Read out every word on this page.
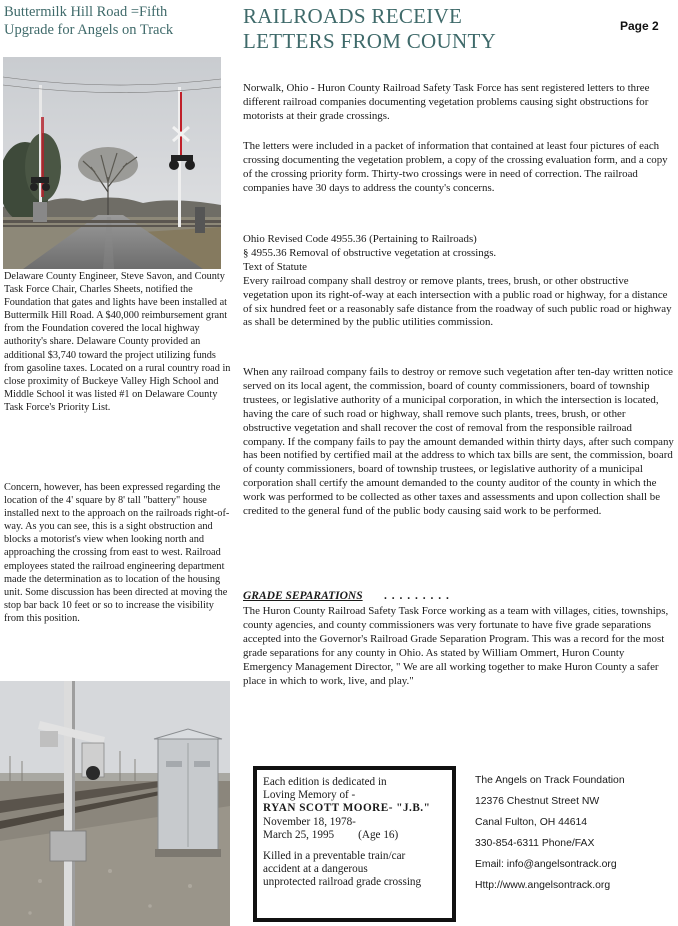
Buttermilk Hill Road =Fifth
Upgrade for Angels on Track
RAILROADS RECEIVE
LETTERS FROM COUNTY
Page 2

Delaware County Engineer, Steve Savon, and County Task Force Chair, Charles Sheets, notified the Foundation that gates and lights have been installed at Buttermilk Hill Road. A $40,000 reimbursement grant from the Foundation covered the local highway authority's share. Delaware County provided an additional $3,740 toward the project utilizing funds from gasoline taxes. Located on a rural country road in close proximity of Buckeye Valley High School and Middle School it was listed #1 on Delaware County Task Force's Priority List.

Concern, however, has been expressed regarding the location of the 4' square by 8' tall "battery" house installed next to the approach on the railroads right-of-way. As you can see, this is a sight obstruction and blocks a motorist's view when looking north and approaching the crossing from east to west. Railroad employees stated the railroad engineering department made the determination as to location of the housing unit. Some discussion has been directed at moving the stop bar back 10 feet or so to increase the visibility from this position.

Norwalk, Ohio - Huron County Railroad Safety Task Force has sent registered letters to three different railroad companies documenting vegetation problems causing sight obstructions for motorists at their grade crossings.

The letters were included in a packet of information that contained at least four pictures of each crossing documenting the vegetation problem, a copy of the crossing evaluation form, and a copy of the crossing priority form. Thirty-two crossings were in need of correction. The railroad companies have 30 days to address the county's concerns.

Ohio Revised Code 4955.36 (Pertaining to Railroads)
§ 4955.36 Removal of obstructive vegetation at crossings.
Text of Statute
Every railroad company shall destroy or remove plants, trees, brush, or other obstructive vegetation upon its right-of-way at each intersection with a public road or highway, for a distance of six hundred feet or a reasonably safe distance from the roadway of such public road or highway as shall be determined by the public utilities commission.

When any railroad company fails to destroy or remove such vegetation after ten-day written notice served on its local agent, the commission, board of county commissioners, board of township trustees, or legislative authority of a municipal corporation, in which the intersection is located, having the care of such road or highway, shall remove such plants, trees, brush, or other obstructive vegetation and shall recover the cost of removal from the responsible railroad company. If the company fails to pay the amount demanded within thirty days, after such company has been notified by certified mail at the address to which tax bills are sent, the commission, board of county commissioners, board of township trustees, or legislative authority of a municipal corporation shall certify the amount demanded to the county auditor of the county in which the work was performed to be collected as other taxes and assessments and upon collection shall be credited to the general fund of the public body causing said work to be performed.

GRADE SEPARATIONS . . . . . . . . .

The Huron County Railroad Safety Task Force working as a team with villages, cities, townships, county agencies, and county commissioners was very fortunate to have five grade separations accepted into the Governor's Railroad Grade Separation Program. This was a record for the most grade separations for any county in Ohio. As stated by William Ommert, Huron County Emergency Management Director, " We are all working together to make Huron County a safer place in which to work, live, and play."

Each edition is dedicated in
Loving Memory of -
RYAN SCOTT MOORE- "J.B."
November 18, 1978-
March 25, 1995 (Age 16)
Killed in a preventable train/car
accident at a dangerous
unprotected railroad grade crossing
The Angels on Track Foundation
12376 Chestnut Street NW
Canal Fulton, OH 44614
330-854-6311 Phone/FAX
Email: info@angelsontrack.org
Http://www.angelsontrack.org
